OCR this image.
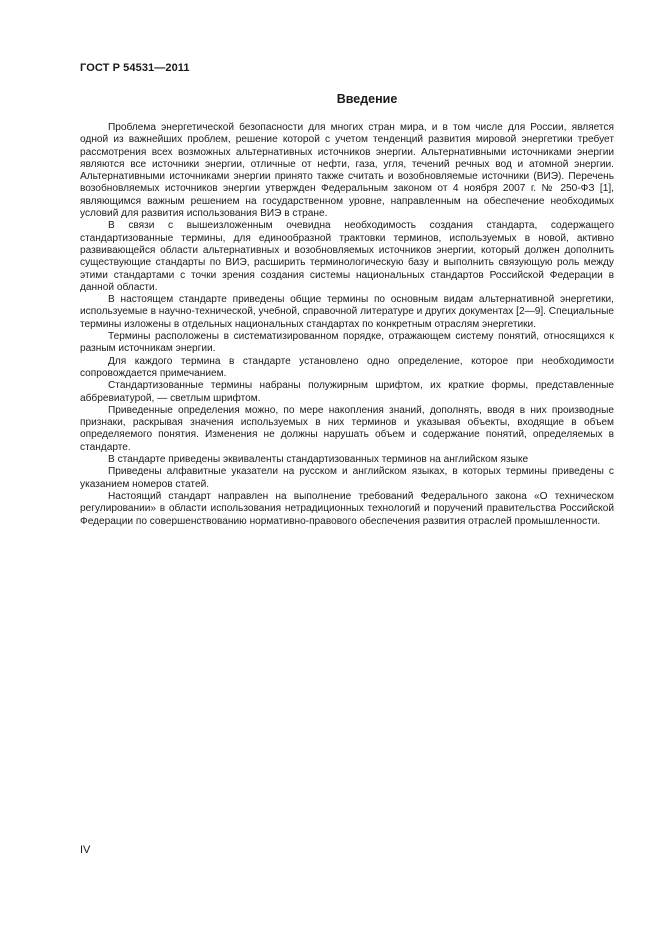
ГОСТ Р 54531—2011
Введение

Проблема энергетической безопасности для многих стран мира, и в том числе для России, является одной из важнейших проблем, решение которой с учетом тенденций развития мировой энергетики требует рассмотрения всех возможных альтернативных источников энергии. Альтернативными источниками энергии являются все источники энергии, отличные от нефти, газа, угля, течений речных вод и атомной энергии. Альтернативными источниками энергии принято также считать и возобновляемые источники (ВИЭ). Перечень возобновляемых источников энергии утвержден Федеральным законом от 4 ноября 2007 г. № 250-ФЗ [1], являющимся важным решением на государственном уровне, направленным на обеспечение необходимых условий для развития использования ВИЭ в стране.

В связи с вышеизложенным очевидна необходимость создания стандарта, содержащего стандартизованные термины, для единообразной трактовки терминов, используемых в новой, активно развивающейся области альтернативных и возобновляемых источников энергии, который должен дополнить существующие стандарты по ВИЭ, расширить терминологическую базу и выполнить связующую роль между этими стандартами с точки зрения создания системы национальных стандартов Российской Федерации в данной области.

В настоящем стандарте приведены общие термины по основным видам альтернативной энергетики, используемые в научно-технической, учебной, справочной литературе и других документах [2—9]. Специальные термины изложены в отдельных национальных стандартах по конкретным отраслям энергетики.

Термины расположены в систематизированном порядке, отражающем систему понятий, относящихся к разным источникам энергии.

Для каждого термина в стандарте установлено одно определение, которое при необходимости сопровождается примечанием.

Стандартизованные термины набраны полужирным шрифтом, их краткие формы, представленные аббревиатурой, — светлым шрифтом.

Приведенные определения можно, по мере накопления знаний, дополнять, вводя в них производные признаки, раскрывая значения используемых в них терминов и указывая объекты, входящие в объем определяемого понятия. Изменения не должны нарушать объем и содержание понятий, определяемых в стандарте.

В стандарте приведены эквиваленты стандартизованных терминов на английском языке

Приведены алфавитные указатели на русском и английском языках, в которых термины приведены с указанием номеров статей.

Настоящий стандарт направлен на выполнение требований Федерального закона «О техническом регулировании» в области использования нетрадиционных технологий и поручений правительства Российской Федерации по совершенствованию нормативно-правового обеспечения развития отраслей промышленности.

IV
